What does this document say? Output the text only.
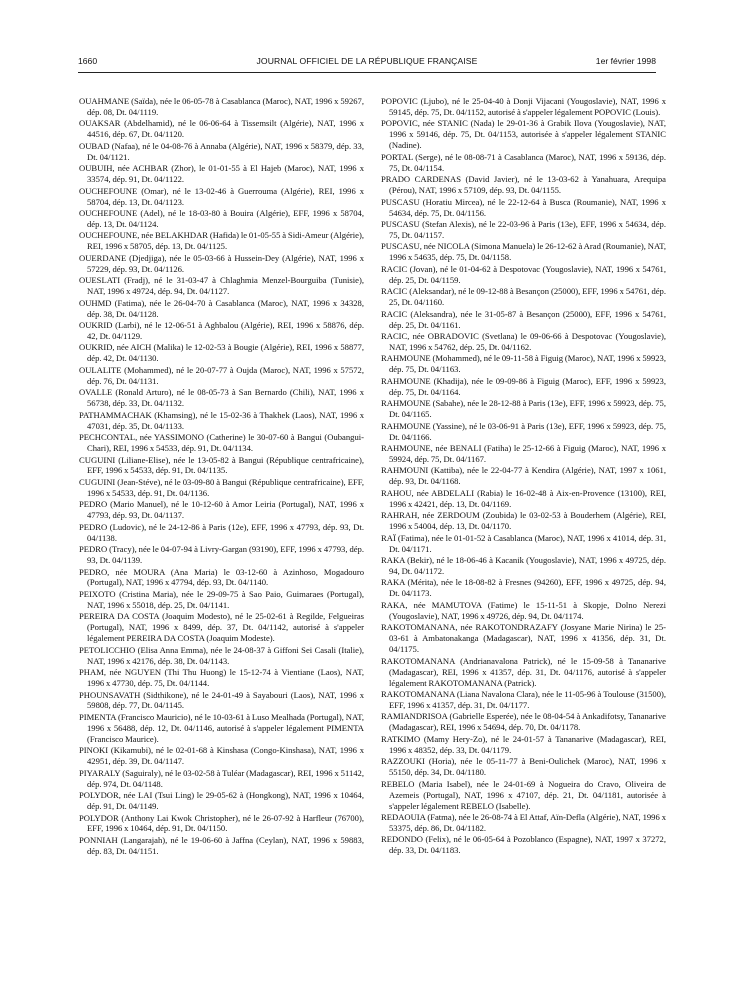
1660	JOURNAL OFFICIEL DE LA RÉPUBLIQUE FRANÇAISE	1er février 1998

OUAHMANE (Saïda), née le 06-05-78 à Casablanca (Maroc), NAT, 1996 x 59267, dép. 08, Dt. 04/1119.

OUAKSAR (Abdelhamid), né le 06-06-64 à Tissemsilt (Algérie), NAT, 1996 x 44516, dép. 67, Dt. 04/1120.

OUBAD (Nafaa), né le 04-08-76 à Annaba (Algérie), NAT, 1996 x 58379, dép. 33, Dt. 04/1121.

OUBUIH, née ACHBAR (Zhor), le 01-01-55 à El Hajeb (Maroc), NAT, 1996 x 33574, dép. 91, Dt. 04/1122.

OUCHEFOUNE (Omar), né le 13-02-46 à Guerrouma (Algérie), REI, 1996 x 58704, dép. 13, Dt. 04/1123.

OUCHEFOUNE (Adel), né le 18-03-80 à Bouira (Algérie), EFF, 1996 x 58704, dép. 13, Dt. 04/1124.

OUCHEFOUNE, née BELAKHDAR (Hafida) le 01-05-55 à Sidi-Ameur (Algérie), REI, 1996 x 58705, dép. 13, Dt. 04/1125.

OUERDANE (Djedjiga), née le 05-03-66 à Hussein-Dey (Algérie), NAT, 1996 x 57229, dép. 93, Dt. 04/1126.

OUESLATI (Fradj), né le 31-03-47 à Chlaghmia Menzel-Bourguiba (Tunisie), NAT, 1996 x 49724, dép. 94, Dt. 04/1127.

OUHMD (Fatima), née le 26-04-70 à Casablanca (Maroc), NAT, 1996 x 34328, dép. 38, Dt. 04/1128.

OUKRID (Larbi), né le 12-06-51 à Aghbalou (Algérie), REI, 1996 x 58876, dép. 42, Dt. 04/1129.

OUKRID, née AICH (Malika) le 12-02-53 à Bougie (Algérie), REI, 1996 x 58877, dép. 42, Dt. 04/1130.

OULALITE (Mohammed), né le 20-07-77 à Oujda (Maroc), NAT, 1996 x 57572, dép. 76, Dt. 04/1131.

OVALLE (Ronald Arturo), né le 08-05-73 à San Bernardo (Chili), NAT, 1996 x 56738, dép. 33, Dt. 04/1132.

PATHAMMACHAK (Khamsing), né le 15-02-36 à Thakhek (Laos), NAT, 1996 x 47031, dép. 35, Dt. 04/1133.

PECHCONTAL, née YASSIMONO (Catherine) le 30-07-60 à Bangui (Oubangui-Chari), REI, 1996 x 54533, dép. 91, Dt. 04/1134.

CUGUINI (Liliane-Elise), née le 13-05-82 à Bangui (République centrafricaine), EFF, 1996 x 54533, dép. 91, Dt. 04/1135.

CUGUINI (Jean-Stéve), né le 03-09-80 à Bangui (République centrafricaine), EFF, 1996 x 54533, dép. 91, Dt. 04/1136.

PEDRO (Mario Manuel), né le 10-12-60 à Amor Leiria (Portugal), NAT, 1996 x 47793, dép. 93, Dt. 04/1137.

PEDRO (Ludovic), né le 24-12-86 à Paris (12e), EFF, 1996 x 47793, dép. 93, Dt. 04/1138.

PEDRO (Tracy), née le 04-07-94 à Livry-Gargan (93190), EFF, 1996 x 47793, dép. 93, Dt. 04/1139.

PEDRO, née MOURA (Ana Maria) le 03-12-60 à Azinhoso, Mogadouro (Portugal), NAT, 1996 x 47794, dép. 93, Dt. 04/1140.

PEIXOTO (Cristina Maria), née le 29-09-75 à Sao Paio, Guimaraes (Portugal), NAT, 1996 x 55018, dép. 25, Dt. 04/1141.

PEREIRA DA COSTA (Joaquim Modesto), né le 25-02-61 à Regilde, Felgueiras (Portugal), NAT, 1996 x 8499, dép. 37, Dt. 04/1142, autorisé à s'appeler légalement PEREIRA DA COSTA (Joaquim Modeste).

PETOLICCHIO (Elisa Anna Emma), née le 24-08-37 à Giffoni Sei Casali (Italie), NAT, 1996 x 42176, dép. 38, Dt. 04/1143.

PHAM, née NGUYEN (Thi Thu Huong) le 15-12-74 à Vientiane (Laos), NAT, 1996 x 47730, dép. 75, Dt. 04/1144.

PHOUNSAVATH (Sidthikone), né le 24-01-49 à Sayabouri (Laos), NAT, 1996 x 59808, dép. 77, Dt. 04/1145.

PIMENTA (Francisco Mauricio), né le 10-03-61 à Luso Mealhada (Portugal), NAT, 1996 x 56488, dép. 12, Dt. 04/1146, autorisé à s'appeler légalement PIMENTA (Francisco Maurice).

PINOKI (Kikamubi), né le 02-01-68 à Kinshasa (Congo-Kinshasa), NAT, 1996 x 42951, dép. 39, Dt. 04/1147.

PIYARALY (Saguiraly), né le 03-02-58 à Tuléar (Madagascar), REI, 1996 x 51142, dép. 974, Dt. 04/1148.

POLYDOR, née LAI (Tsui Ling) le 29-05-62 à (Hongkong), NAT, 1996 x 10464, dép. 91, Dt. 04/1149.

POLYDOR (Anthony Lai Kwok Christopher), né le 26-07-92 à Harfleur (76700), EFF, 1996 x 10464, dép. 91, Dt. 04/1150.

PONNIAH (Langarajah), né le 19-06-60 à Jaffna (Ceylan), NAT, 1996 x 59883, dép. 83, Dt. 04/1151.

POPOVIC (Ljubo), né le 25-04-40 à Donji Vijacani (Yougoslavie), NAT, 1996 x 59145, dép. 75, Dt. 04/1152, autorisé à s'appeler légalement POPOVIC (Louis).

POPOVIC, née STANIC (Nada) le 29-01-36 à Grabik Ilova (Yougoslavie), NAT, 1996 x 59146, dép. 75, Dt. 04/1153, autorisée à s'appeler légalement STANIC (Nadine).

PORTAL (Serge), né le 08-08-71 à Casablanca (Maroc), NAT, 1996 x 59136, dép. 75, Dt. 04/1154.

PRADO CARDENAS (David Javier), né le 13-03-62 à Yanahuara, Arequipa (Pérou), NAT, 1996 x 57109, dép. 93, Dt. 04/1155.

PUSCASU (Horatiu Mircea), né le 22-12-64 à Busca (Roumanie), NAT, 1996 x 54634, dép. 75, Dt. 04/1156.

PUSCASU (Stefan Alexis), né le 22-03-96 à Paris (13e), EFF, 1996 x 54634, dép. 75, Dt. 04/1157.

PUSCASU, née NICOLA (Simona Manuela) le 26-12-62 à Arad (Roumanie), NAT, 1996 x 54635, dép. 75, Dt. 04/1158.

RACIC (Jovan), né le 01-04-62 à Despotovac (Yougoslavie), NAT, 1996 x 54761, dép. 25, Dt. 04/1159.

RACIC (Aleksandar), né le 09-12-88 à Besançon (25000), EFF, 1996 x 54761, dép. 25, Dt. 04/1160.

RACIC (Aleksandra), née le 31-05-87 à Besançon (25000), EFF, 1996 x 54761, dép. 25, Dt. 04/1161.

RACIC, née OBRADOVIC (Svetlana) le 09-06-66 à Despotovac (Yougoslavie), NAT, 1996 x 54762, dép. 25, Dt. 04/1162.

RAHMOUNE (Mohammed), né le 09-11-58 à Figuig (Maroc), NAT, 1996 x 59923, dép. 75, Dt. 04/1163.

RAHMOUNE (Khadija), née le 09-09-86 à Figuig (Maroc), EFF, 1996 x 59923, dép. 75, Dt. 04/1164.

RAHMOUNE (Sabahe), née le 28-12-88 à Paris (13e), EFF, 1996 x 59923, dép. 75, Dt. 04/1165.

RAHMOUNE (Yassine), né le 03-06-91 à Paris (13e), EFF, 1996 x 59923, dép. 75, Dt. 04/1166.

RAHMOUNE, née BENALI (Fatiha) le 25-12-66 à Figuig (Maroc), NAT, 1996 x 59924, dép. 75, Dt. 04/1167.

RAHMOUNI (Kattiba), née le 22-04-77 à Kendira (Algérie), NAT, 1997 x 1061, dép. 93, Dt. 04/1168.

RAHOU, née ABDELALI (Rabia) le 16-02-48 à Aix-en-Provence (13100), REI, 1996 x 42421, dép. 13, Dt. 04/1169.

RAHRAH, née ZERDOUM (Zoubida) le 03-02-53 à Bouderhem (Algérie), REI, 1996 x 54004, dép. 13, Dt. 04/1170.

RAÏ (Fatima), née le 01-01-52 à Casablanca (Maroc), NAT, 1996 x 41014, dép. 31, Dt. 04/1171.

RAKA (Bekir), né le 18-06-46 à Kacanik (Yougoslavie), NAT, 1996 x 49725, dép. 94, Dt. 04/1172.

RAKA (Mérita), née le 18-08-82 à Fresnes (94260), EFF, 1996 x 49725, dép. 94, Dt. 04/1173.

RAKA, née MAMUTOVA (Fatime) le 15-11-51 à Skopje, Dolno Nerezi (Yougoslavie), NAT, 1996 x 49726, dép. 94, Dt. 04/1174.

RAKOTOMANANA, née RAKOTONDRAZAFY (Josyane Marie Nirina) le 25-03-61 à Ambatonakanga (Madagascar), NAT, 1996 x 41356, dép. 31, Dt. 04/1175.

RAKOTOMANANA (Andrianavalona Patrick), né le 15-09-58 à Tananarive (Madagascar), REI, 1996 x 41357, dép. 31, Dt. 04/1176, autorisé à s'appeler légalement RAKOTOMANANA (Patrick).

RAKOTOMANANA (Liana Navalona Clara), née le 11-05-96 à Toulouse (31500), EFF, 1996 x 41357, dép. 31, Dt. 04/1177.

RAMIANDRISOA (Gabrielle Esperée), née le 08-04-54 à Ankadifotsy, Tananarive (Madagascar), REI, 1996 x 54694, dép. 70, Dt. 04/1178.

RATKIMO (Mamy Hery-Zo), né le 24-01-57 à Tananarive (Madagascar), REI, 1996 x 48352, dép. 33, Dt. 04/1179.

RAZZOUKI (Horia), née le 05-11-77 à Beni-Oulichek (Maroc), NAT, 1996 x 55150, dép. 34, Dt. 04/1180.

REBELO (Maria Isabel), née le 24-01-69 à Nogueira do Cravo, Oliveira de Azemeis (Portugal), NAT, 1996 x 47107, dép. 21, Dt. 04/1181, autorisée à s'appeler légalement REBELO (Isabelle).

REDAOUIA (Fatma), née le 26-08-74 à El Attaf, Aïn-Defla (Algérie), NAT, 1996 x 53375, dép. 86, Dt. 04/1182.

REDONDO (Felix), né le 06-05-64 à Pozoblanco (Espagne), NAT, 1997 x 37272, dép. 33, Dt. 04/1183.
